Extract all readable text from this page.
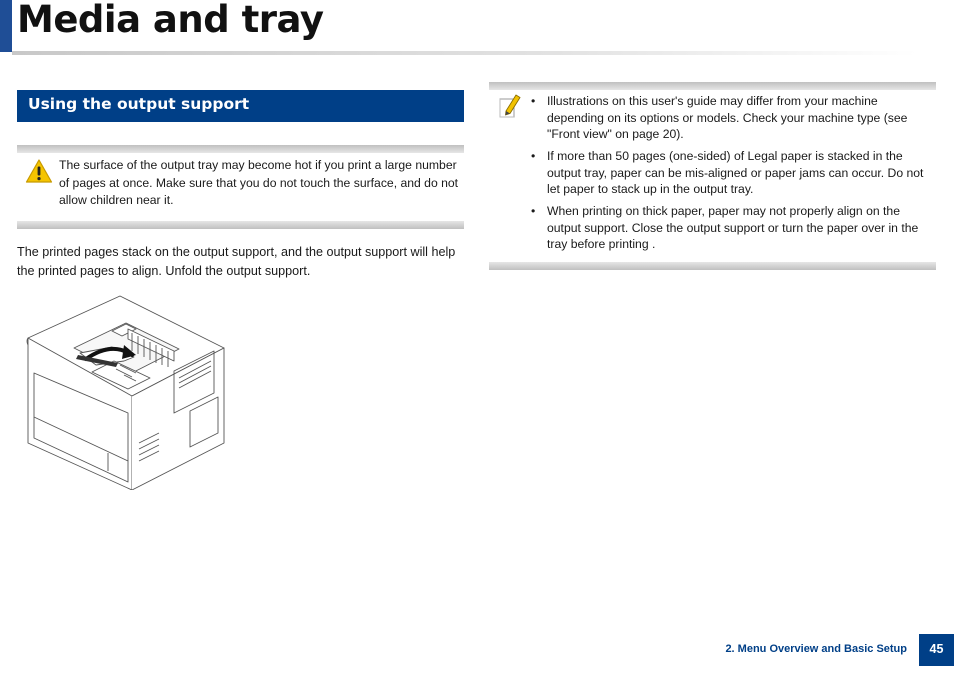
Media and tray
Using the output support
The surface of the output tray may become hot if you print a large number of pages at once. Make sure that you do not touch the surface, and do not allow children near it.

The printed pages stack on the output support, and the output support will help the printed pages to align. Unfold the output support.

• Illustrations on this user's guide may differ from your machine depending on its options or models. Check your machine type (see "Front view" on page 20).
• If more than 50 pages (one-sided) of Legal paper is stacked in the output tray, paper can be mis-aligned or paper jams can occur. Do not let paper to stack up in the output tray.
• When printing on thick paper, paper may not properly align on the output support. Close the output support or turn the paper over in the tray before printing .
2. Menu Overview and Basic Setup	45
